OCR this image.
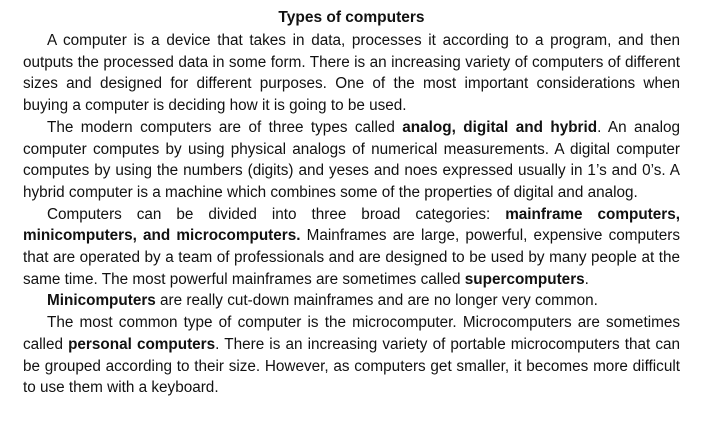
Types of computers

A computer is a device that takes in data, processes it according to a program, and then outputs the processed data in some form. There is an increasing variety of computers of different sizes and designed for different purposes. One of the most important considerations when buying a computer is deciding how it is going to be used.

The modern computers are of three types called analog, digital and hybrid. An analog computer computes by using physical analogs of numerical measurements. A digital computer computes by using the numbers (digits) and yeses and noes expressed usually in 1’s and 0’s. A hybrid computer is a machine which combines some of the properties of digital and analog.

Computers can be divided into three broad categories: mainframe computers, minicomputers, and microcomputers. Mainframes are large, powerful, expensive computers that are operated by a team of professionals and are designed to be used by many people at the same time. The most powerful mainframes are sometimes called supercomputers.

Minicomputers are really cut-down mainframes and are no longer very common.

The most common type of computer is the microcomputer. Microcomputers are sometimes called personal computers. There is an increasing variety of portable microcomputers that can be grouped according to their size. However, as computers get smaller, it becomes more difficult to use them with a keyboard.
